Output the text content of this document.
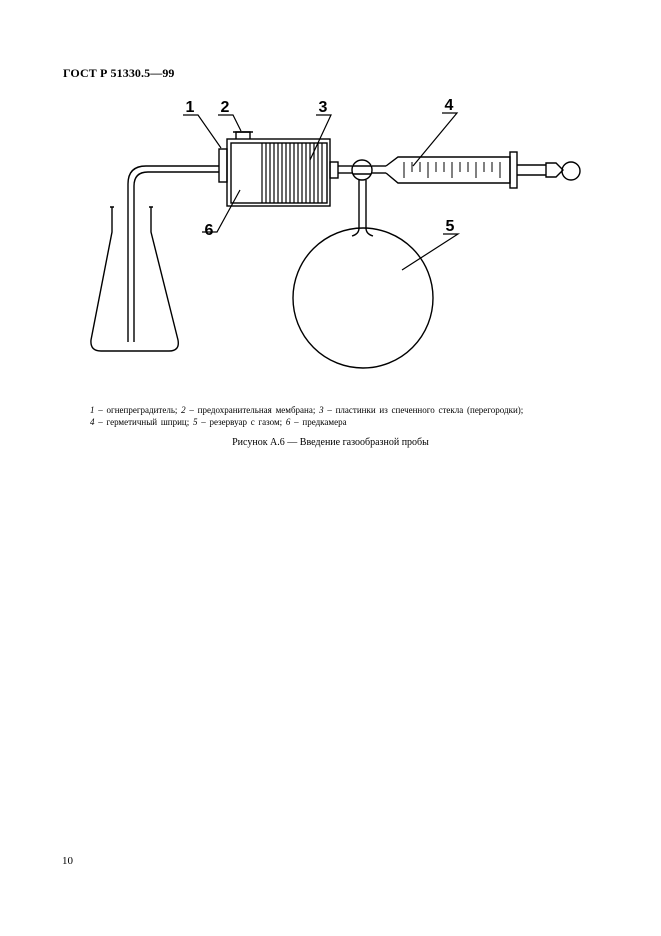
ГОСТ Р 51330.5—99
1 2	3	4
5
6
1 – огнепреградитель; 2 – предохранительная мембрана; 3 – пластинки из спеченного стекла (перегородки);
4 – герметичный шприц; 5 – резервуар с газом; 6 – предкамера
Рисунок А.6 — Введение газообразной пробы
10
